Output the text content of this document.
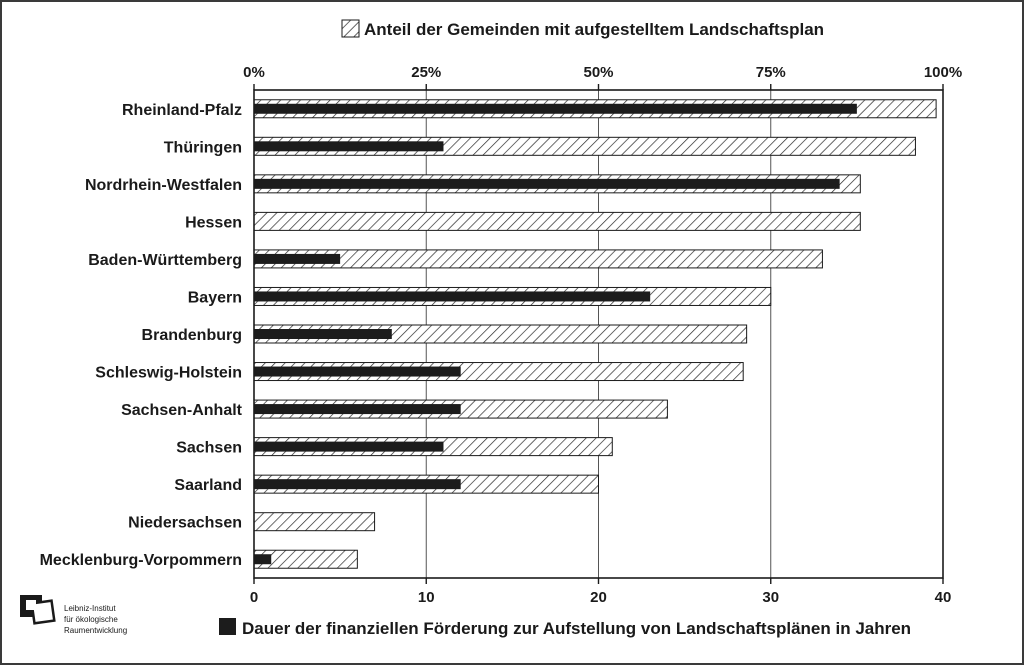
Anteil der Gemeinden mit aufgestelltem Landschaftsplan
Rheinland-Pfalz
Thüringen
Nordrhein-Westfalen
Hessen
Baden-Württemberg
Bayern
Brandenburg
Schleswig-Holstein
Sachsen-Anhalt
Sachsen
Saarland
Niedersachsen
Mecklenburg-Vorpommern
0%	25%	50%	75%	100%
0	10	20	30	40
Dauer der finanziellen Förderung zur Aufstellung von Landschaftsplänen in Jahren
Leibniz-Institut
für ökologische
Raumentwicklung
